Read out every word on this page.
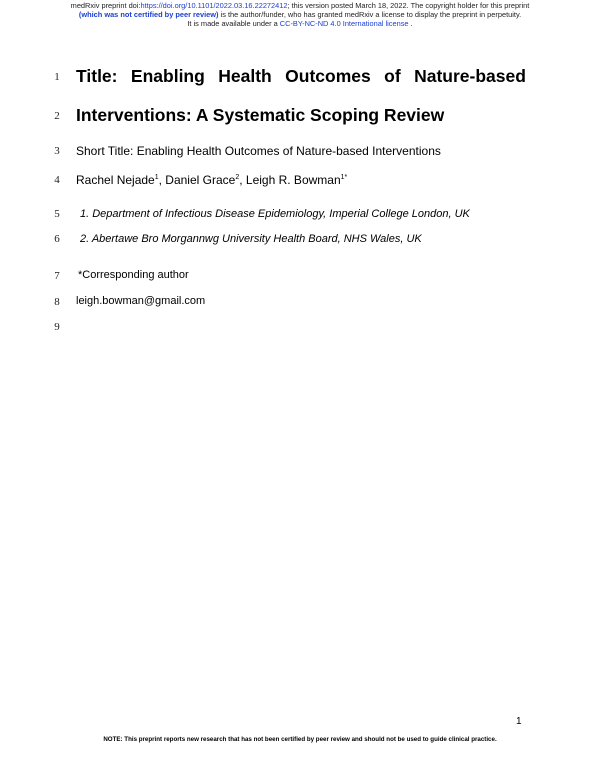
medRxiv preprint doi:https://doi.org/10.1101/2022.03.16.22272412; this version posted March 18, 2022. The copyright holder for this preprint
(which was not certified by peer review) is the author/funder, who has granted medRxiv a license to display the preprint in perpetuity.
It is made available under a CC-BY-NC-ND 4.0 International license .
1
2
3
4
5
6
7
8
9
Title: Enabling Health Outcomes of Nature-based
Interventions: A Systematic Scoping Review
Short Title: Enabling Health Outcomes of Nature-based Interventions
Rachel Nejade$^1$, Daniel Grace$^2$, Leigh R. Bowman$^{1*}$
1. Department of Infectious Disease Epidemiology, Imperial College London, UK
2. Abertawe Bro Morgannwg University Health Board, NHS Wales, UK
*Corresponding author
leigh.bowman@gmail.com
1
NOTE: This preprint reports new research that has not been certified by peer review and should not be used to guide clinical practice.
